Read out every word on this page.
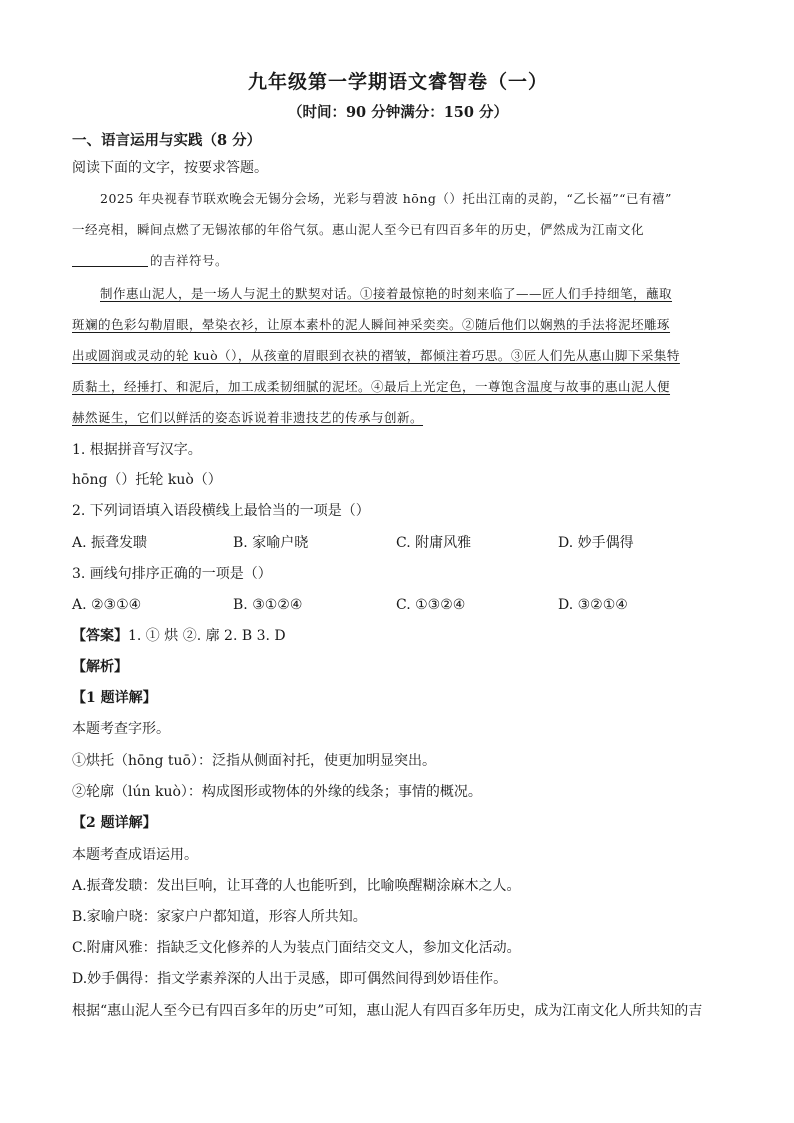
九年级第一学期语文睿智卷（一）
（时间：90 分钟满分：150 分）
一、语言运用与实践（8 分）
阅读下面的文字，按要求答题。
2025 年央视春节联欢晚会无锡分会场，光彩与碧波 hōng（）托出江南的灵韵，“乙长福”“已有禧”
一经亮相，瞬间点燃了无锡浓郁的年俗气氛。惠山泥人至今已有四百多年的历史，俨然成为江南文化
的吉祥符号。
制作惠山泥人，是一场人与泥土的默契对话。①接着最惊艳的时刻来临了——匠人们手持细笔，蘸取
斑斓的色彩勾勒眉眼，晕染衣衫，让原本素朴的泥人瞬间神采奕奕。②随后他们以娴熟的手法将泥坯雕琢
出或圆润或灵动的轮 kuò（），从孩童的眉眼到衣袂的褶皱，都倾注着巧思。③匠人们先从惠山脚下采集特
质黏土，经捶打、和泥后，加工成柔韧细腻的泥坯。④最后上光定色，一尊饱含温度与故事的惠山泥人便
赫然诞生，它们以鲜活的姿态诉说着非遗技艺的传承与创新。
1. 根据拼音写汉字。
hōng（）托轮 kuò（）
2. 下列词语填入语段横线上最恰当的一项是（）
A. 振聋发聩	B. 家喻户晓	C. 附庸风雅	D. 妙手偶得
3. 画线句排序正确的一项是（）
A. ②③①④	B. ③①②④	C. ①③②④	D. ③②①④
【答案】1. ① 烘 ②. 廓 2. B 3. D
【解析】
【1 题详解】
本题考查字形。
①烘托（hōng tuō）：泛指从侧面衬托，使更加明显突出。
②轮廓（lún kuò）：构成图形或物体的外缘的线条；事情的概况。
【2 题详解】
本题考查成语运用。
A.振聋发聩：发出巨响，让耳聋的人也能听到，比喻唤醒糊涂麻木之人。
B.家喻户晓：家家户户都知道，形容人所共知。
C.附庸风雅：指缺乏文化修养的人为装点门面结交文人，参加文化活动。
D.妙手偶得：指文学素养深的人出于灵感，即可偶然间得到妙语佳作。
根据“惠山泥人至今已有四百多年的历史”可知，惠山泥人有四百多年历史，成为江南文化人所共知的吉
